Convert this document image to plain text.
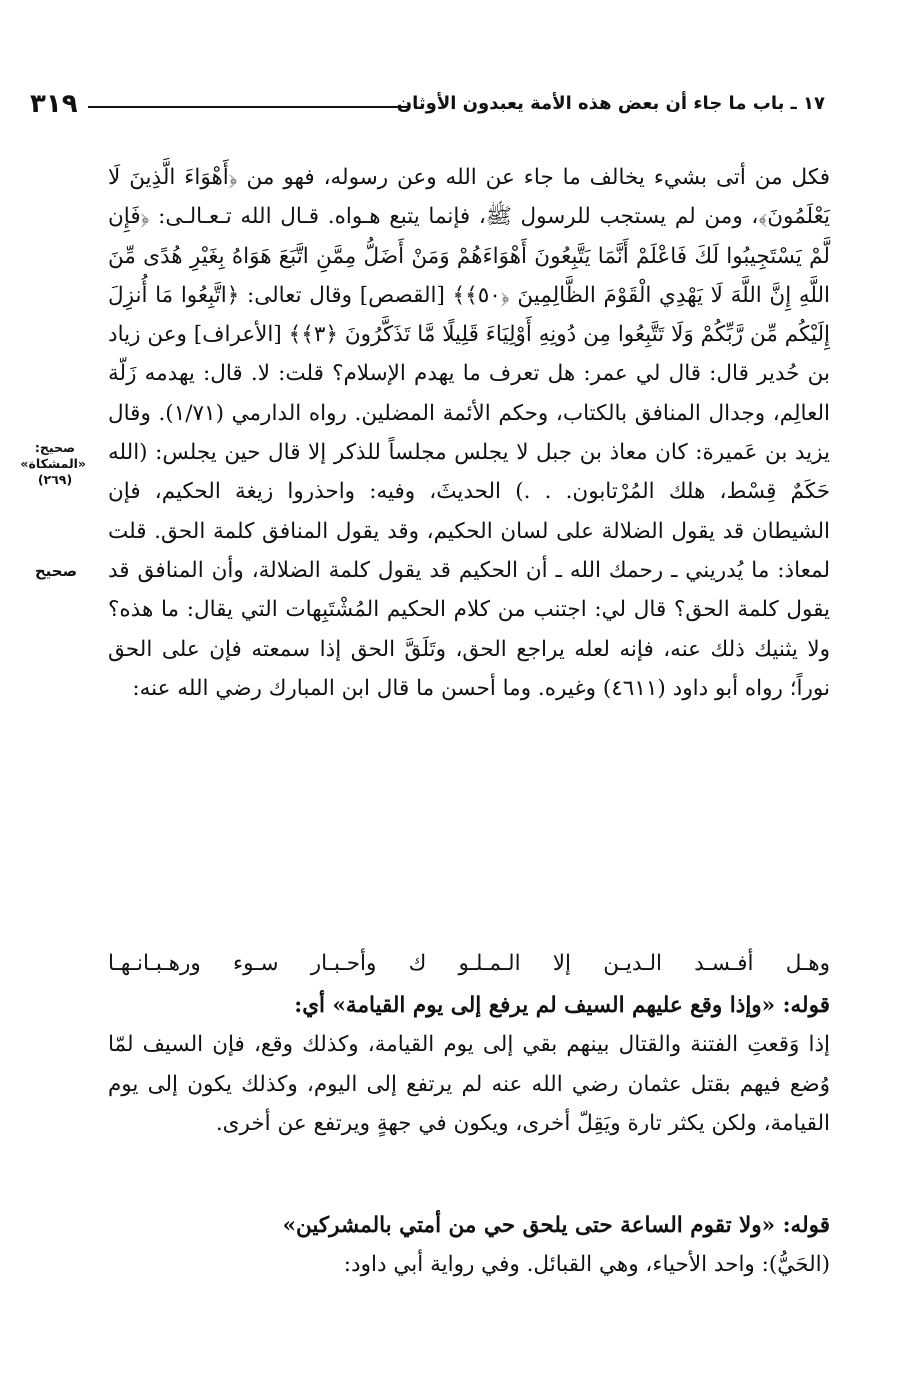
٣١٩	١٧ ـ باب ما جاء أن بعض هذه الأمة يعبدون الأوثان
صحيح: «المشكاة» (٢٦٩)
صحيح

فكل من أتى بشيء يخالف ما جاء عن الله وعن رسوله، فهو من ﴿أَهْوَاءَ الَّذِينَ لَا يَعْلَمُونَ﴾، ومن لم يستجب للرسول ﷺ، فإنما يتبع هـواه. قـال الله تـعـالـى: ﴿فَإِن لَّمْ يَسْتَجِيبُوا لَكَ فَاعْلَمْ أَنَّمَا يَتَّبِعُونَ أَهْوَاءَهُمْ وَمَنْ أَضَلُّ مِمَّنِ اتَّبَعَ هَوَاهُ بِغَيْرِ هُدًى مِّنَ اللَّهِ إِنَّ اللَّهَ لَا يَهْدِي الْقَوْمَ الظَّالِمِينَ ﴿٥٠﴾﴾ [القصص] وقال تعالى: ﴿اتَّبِعُوا مَا أُنزِلَ إِلَيْكُم مِّن رَّبِّكُمْ وَلَا تَتَّبِعُوا مِن دُونِهِ أَوْلِيَاءَ قَلِيلًا مَّا تَذَكَّرُونَ ﴿٣﴾﴾ [الأعراف] وعن زياد بن حُدير قال: قال لي عمر: هل تعرف ما يهدم الإسلام؟ قلت: لا. قال: يهدمه زَلّة العالِم، وجدال المنافق بالكتاب، وحكم الأئمة المضلين. رواه الدارمي (١/٧١). وقال يزيد بن عَميرة: كان معاذ بن جبل لا يجلس مجلساً للذكر إلا قال حين يجلس: (الله حَكَمٌ قِسْط، هلك المُرْتابون. . .) الحديثَ، وفيه: واحذروا زيغة الحكيم، فإن الشيطان قد يقول الضلالة على لسان الحكيم، وقد يقول المنافق كلمة الحق. قلت لمعاذ: ما يُدريني ـ رحمك الله ـ أن الحكيم قد يقول كلمة الضلالة، وأن المنافق قد يقول كلمة الحق؟ قال لي: اجتنب من كلام الحكيم المُشْتَبِهات التي يقال: ما هذه؟ ولا يثنيك ذلك عنه، فإنه لعله يراجع الحق، وتَلَقَّ الحق إذا سمعته فإن على الحق نوراً؛ رواه أبو داود (٤٦١١) وغيره. وما أحسن ما قال ابن المبارك رضي الله عنه:

وهـل أفـسـد الـديـن إلا الـمـلـو ك وأحـبـار سـوء ورهـبـانـهـا

قوله: «وإذا وقع عليهم السيف لم يرفع إلى يوم القيامة» أي:

إذا وَقعتِ الفتنة والقتال بينهم بقي إلى يوم القيامة، وكذلك وقع، فإن السيف لمّا وُضع فيهم بقتل عثمان رضي الله عنه لم يرتفع إلى اليوم، وكذلك يكون إلى يوم القيامة، ولكن يكثر تارة ويَقِلّ أخرى، ويكون في جهةٍ ويرتفع عن أخرى.

قوله: «ولا تقوم الساعة حتى يلحق حي من أمتي بالمشركين»

(الحَيُّ): واحد الأحياء، وهي القبائل. وفي رواية أبي داود:
